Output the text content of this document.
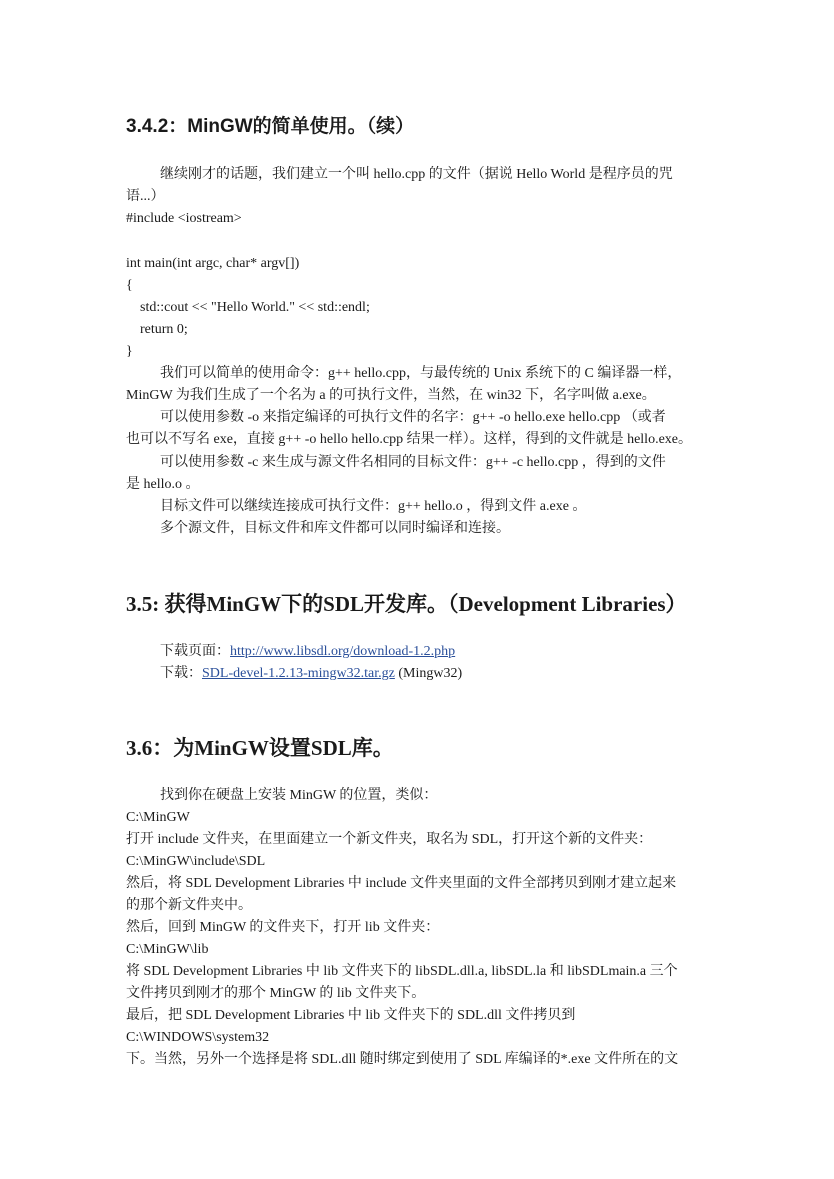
3.4.2：MinGW的简单使用。（续）
继续刚才的话题，我们建立一个叫 hello.cpp 的文件（据说 Hello World 是程序员的咒
语...）
#include <iostream>
int main(int argc, char* argv[])
{
std::cout << "Hello World." << std::endl;
return 0;
}
我们可以简单的使用命令：g++ hello.cpp，与最传统的 Unix 系统下的 C 编译器一样，
MinGW 为我们生成了一个名为 a 的可执行文件，当然，在 win32 下，名字叫做 a.exe。
可以使用参数 -o 来指定编译的可执行文件的名字：g++ -o hello.exe hello.cpp （或者
也可以不写名 exe，直接 g++ -o hello hello.cpp 结果一样）。这样，得到的文件就是 hello.exe。
可以使用参数 -c 来生成与源文件名相同的目标文件：g++ -c hello.cpp ，得到的文件
是 hello.o 。
目标文件可以继续连接成可执行文件：g++ hello.o ，得到文件 a.exe 。
多个源文件，目标文件和库文件都可以同时编译和连接。
3.5: 获得MinGW下的SDL开发库。（Development Libraries）
下载页面：http://www.libsdl.org/download-1.2.php
下载：SDL-devel-1.2.13-mingw32.tar.gz (Mingw32)
3.6：为MinGW设置SDL库。
找到你在硬盘上安装 MinGW 的位置，类似：
C:\MinGW
打开 include 文件夹，在里面建立一个新文件夹，取名为 SDL，打开这个新的文件夹：
C:\MinGW\include\SDL
然后，将 SDL Development Libraries 中 include 文件夹里面的文件全部拷贝到刚才建立起来
的那个新文件夹中。
然后，回到 MinGW 的文件夹下，打开 lib 文件夹：
C:\MinGW\lib
将 SDL Development Libraries 中 lib 文件夹下的 libSDL.dll.a, libSDL.la 和 libSDLmain.a 三个
文件拷贝到刚才的那个 MinGW 的 lib 文件夹下。
最后，把 SDL Development Libraries 中 lib 文件夹下的 SDL.dll 文件拷贝到
C:\WINDOWS\system32
下。当然，另外一个选择是将 SDL.dll 随时绑定到使用了 SDL 库编译的*.exe 文件所在的文
